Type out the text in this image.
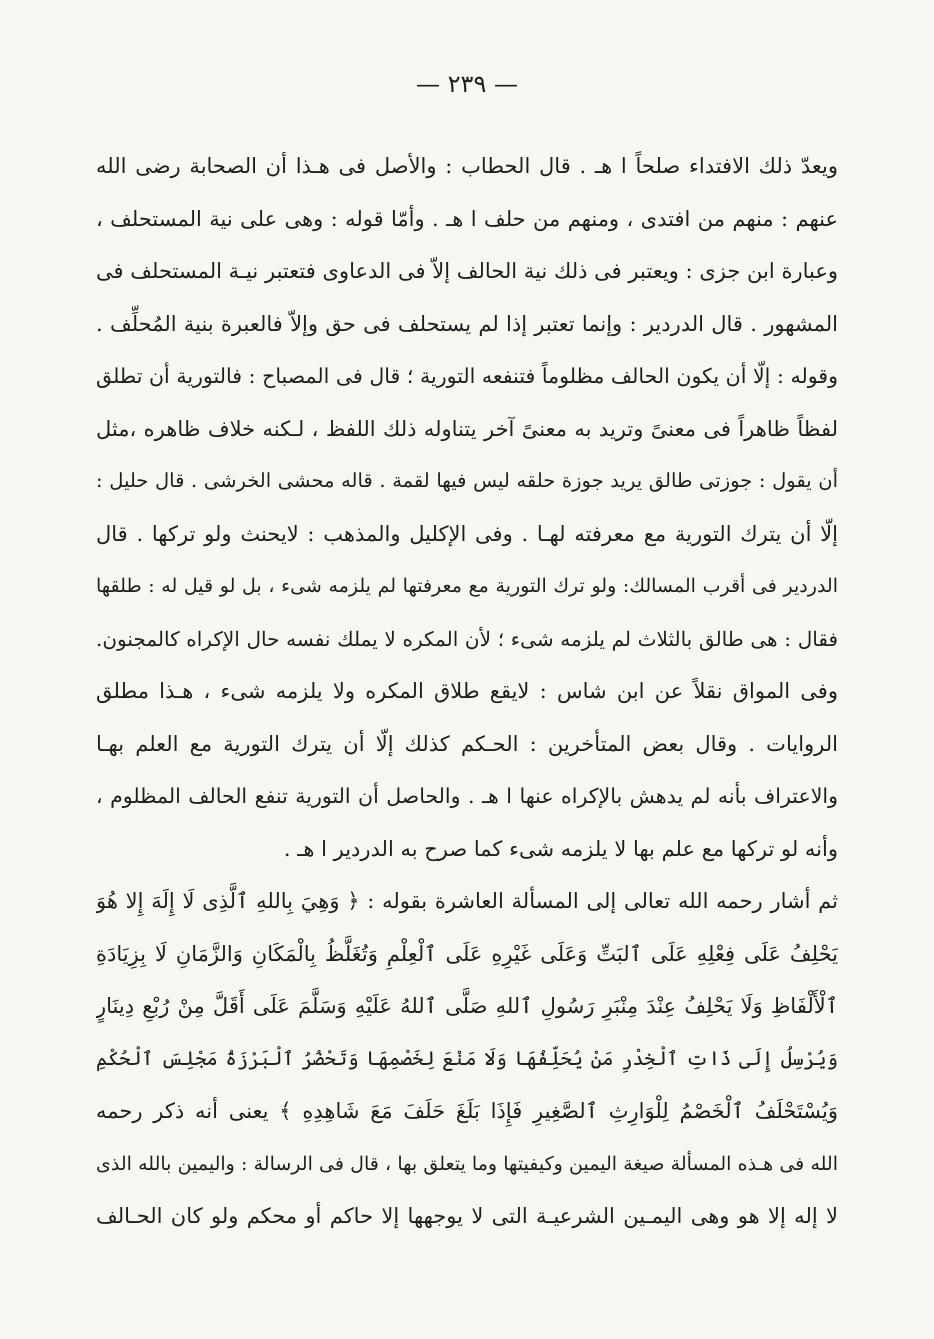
— ٢٣٩ —
ويعدّ ذلك الافتداء صلحاً ا هـ . قال الحطاب : والأصل فى هـذا أن الصحابة رضى الله
عنهم : منهم من افتدى ، ومنهم من حلف ا هـ . وأمّا قوله : وهى على نية المستحلف ،
وعبارة ابن جزى : ويعتبر فى ذلك نية الحالف إلاّ فى الدعاوى فتعتبر نيـة المستحلف فى
المشهور . قال الدردير : وإنما تعتبر إذا لم يستحلف فى حق وإلاّ فالعبرة بنية المُحلِّف .
وقوله : إلّا أن يكون الحالف مظلوماً فتنفعه التورية ؛ قال فى المصباح : فالتورية أن تطلق
لفظاً ظاهراً فى معنىً وتريد به معنىً آخر يتناوله ذلك اللفظ ، لـكنه خلاف ظاهره ،مثل
أن يقول : جوزتى طالق يريد جوزة حلقه ليس فيها لقمة . قاله محشى الخرشى . قال حليل :
إلّا أن يترك التورية مع معرفته لهـا . وفى الإكليل والمذهب : لايحنث ولو تركها . قال
الدردير فى أقرب المسالك: ولو ترك التورية مع معرفتها لم يلزمه شىء ، بل لو قيل له : طلقها
فقال : هى طالق بالثلاث لم يلزمه شىء ؛ لأن المكره لا يملك نفسه حال الإكراه كالمجنون.
وفى المواق نقلاً عن ابن شاس : لايقع طلاق المكره ولا يلزمه شىء ، هـذا مطلق
الروايات . وقال بعض المتأخرين : الحـكم كذلك إلّا أن يترك التورية مع العلم بهـا
والاعتراف بأنه لم يدهش بالإكراه عنها ا هـ . والحاصل أن التورية تنفع الحالف المظلوم ،
وأنه لو تركها مع علم بها لا يلزمه شىء كما صرح به الدردير ا هـ .
ثم أشار رحمه الله تعالى إلى المسألة العاشرة بقوله : ﴿ وَهِيَ بِاللهِ ٱلَّذِى لَا إِلَهَ إِلا هُوَ
يَحْلِفُ عَلَى فِعْلِهِ عَلَى ٱلبَتِّ وَعَلَى غَيْرِهِ عَلَى ٱلْعِلْمِ وَتُغَلَّظُ بِالْمَكَانِ وَالزَّمَانِ لَا بِزِيَادَةِ
ٱلْأَلْفَاظِ وَلَا يَحْلِفُ عِنْدَ مِنْبَرِ رَسُولِ ٱللهِ صَلَّى ٱللهُ عَلَيْهِ وَسَلَّمَ عَلَى أَقَلَّ مِنْ رُبْعِ دِينَارٍ
وَيُرْسِلُ إِلَى ذَاتِ ٱلْخِدْرِ مَنْ يُحَلِّفُهَا وَلَا مَنْعَ لِخَصْمِهَا وَتَحْضُرُ ٱلْبَرْزَةُ مَجْلِسَ ٱلْحُكْمِ
وَيُسْتَحْلَفُ ٱلْخَصْمُ لِلْوَارِثِ ٱلصَّغِيرِ فَإِذَا بَلَغَ حَلَفَ مَعَ شَاهِدِهِ ﴾ يعنى أنه ذكر رحمه
الله فى هـذه المسألة صيغة اليمين وكيفيتها وما يتعلق بها ، قال فى الرسالة : واليمين بالله الذى
لا إله إلا هو وهى اليمـين الشرعيـة التى لا يوجهها إلا حاكم أو محكم ولو كان الحـالف
